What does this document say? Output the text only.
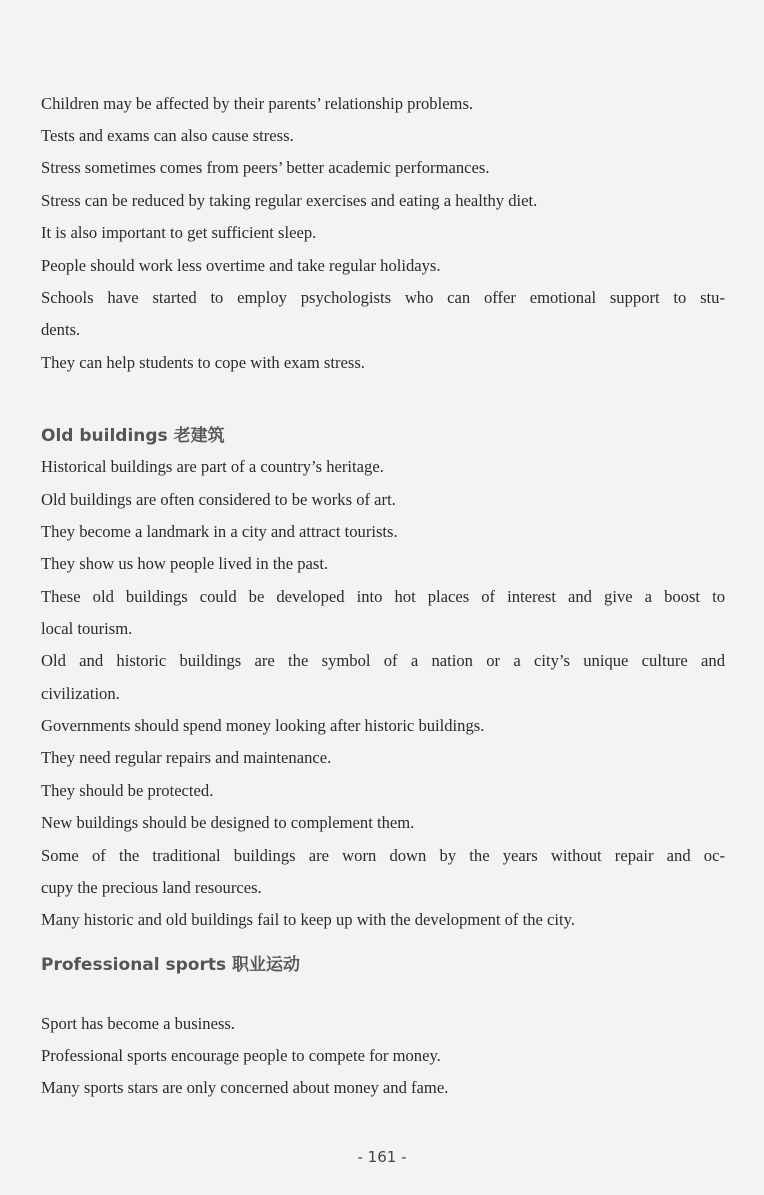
Children may be affected by their parents’ relationship problems.
Tests and exams can also cause stress.
Stress sometimes comes from peers’ better academic performances.
Stress can be reduced by taking regular exercises and eating a healthy diet.
It is also important to get sufficient sleep.
People should work less overtime and take regular holidays.
Schools have started to employ psychologists who can offer emotional support to stu-
dents.
They can help students to cope with exam stress.
Old buildings 老建筑
Historical buildings are part of a country’s heritage.
Old buildings are often considered to be works of art.
They become a landmark in a city and attract tourists.
They show us how people lived in the past.
These old buildings could be developed into hot places of interest and give a boost to
local tourism.
Old and historic buildings are the symbol of a nation or a city’s unique culture and
civilization.
Governments should spend money looking after historic buildings.
They need regular repairs and maintenance.
They should be protected.
New buildings should be designed to complement them.
Some of the traditional buildings are worn down by the years without repair and oc-
cupy the precious land resources.
Many historic and old buildings fail to keep up with the development of the city.
Professional sports 职业运动
Sport has become a business.
Professional sports encourage people to compete for money.
Many sports stars are only concerned about money and fame.
- 161 -
